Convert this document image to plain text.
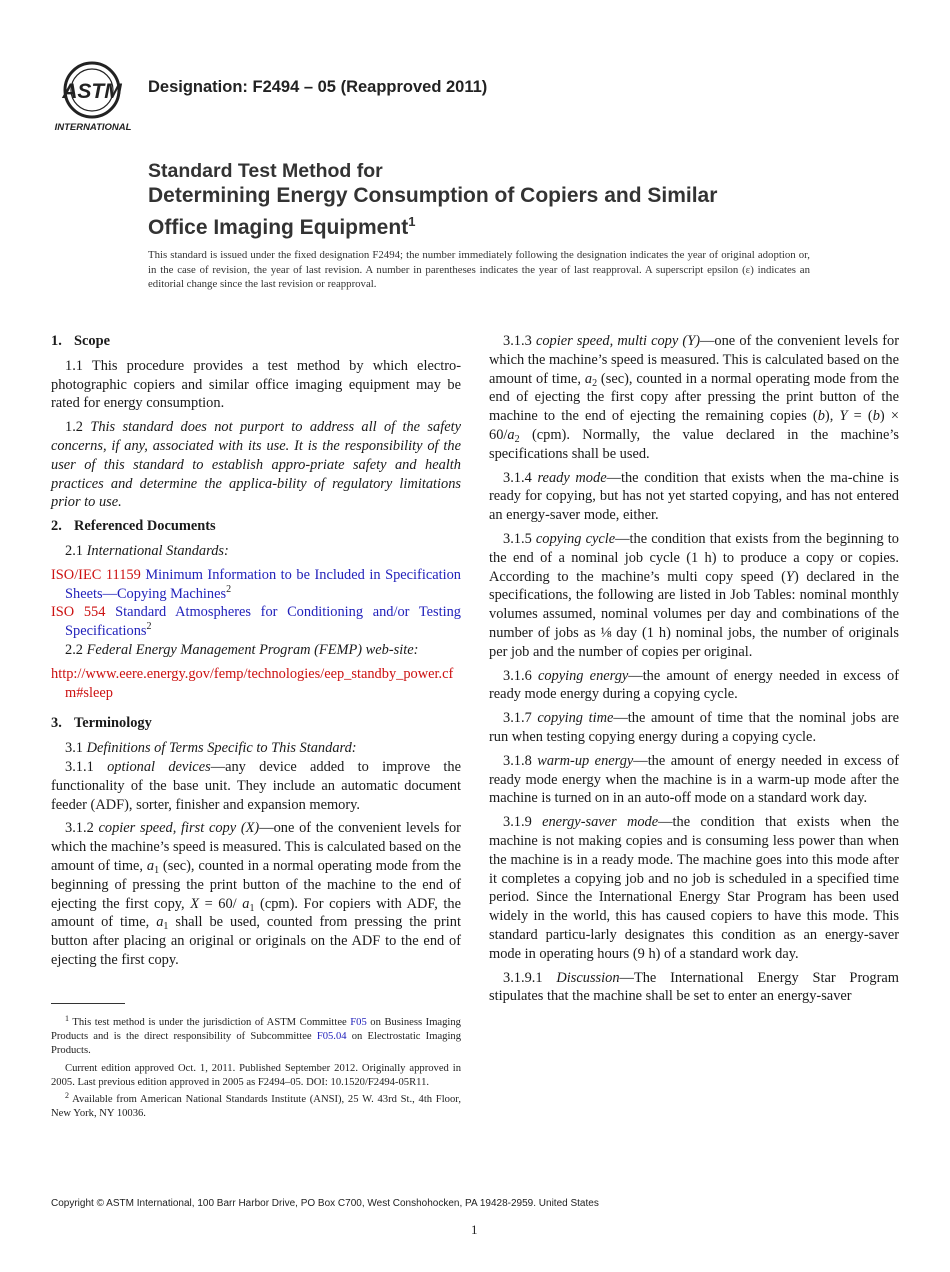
ASTM
INTERNATIONAL
Designation: F2494 – 05 (Reapproved 2011)
Standard Test Method for
Determining Energy Consumption of Copiers and Similar
Office Imaging Equipment$^1$
This standard is issued under the fixed designation F2494; the number immediately following the designation indicates the year of original adoption or, in the case of revision, the year of last revision. A number in parentheses indicates the year of last reapproval. A superscript epsilon (ε) indicates an editorial change since the last revision or reapproval.
1. Scope

1.1 This procedure provides a test method by which electro-photographic copiers and similar office imaging equipment may be rated for energy consumption.

1.2 This standard does not purport to address all of the safety concerns, if any, associated with its use. It is the responsibility of the user of this standard to establish appro-priate safety and health practices and determine the applica-bility of regulatory limitations prior to use.

2. Referenced Documents

2.1 International Standards:

ISO/IEC 11159 Minimum Information to be Included in Specification Sheets—Copying Machines$^2$
ISO 554 Standard Atmospheres for Conditioning and/or Testing Specifications$^2$

2.2 Federal Energy Management Program (FEMP) web-site:

http://www.eere.energy.gov/femp/technologies/eep_standby_power.cfm#sleep
3. Terminology

3.1 Definitions of Terms Specific to This Standard:

3.1.1 optional devices—any device added to improve the functionality of the base unit. They include an automatic document feeder (ADF), sorter, finisher and expansion memory.

3.1.2 copier speed, first copy (X)—one of the convenient levels for which the machine’s speed is measured. This is calculated based on the amount of time, $a_1$ (sec), counted in a normal operating mode from the beginning of pressing the print button of the machine to the end of ejecting the first copy, X = 60/ $a_1$ (cpm). For copiers with ADF, the amount of time, $a_1$ shall be used, counted from pressing the print button after placing an original or originals on the ADF to the end of ejecting the first copy.

3.1.3 copier speed, multi copy (Y)—one of the convenient levels for which the machine’s speed is measured. This is calculated based on the amount of time, $a_2$ (sec), counted in a normal operating mode from the end of ejecting the first copy after pressing the print button of the machine to the end of ejecting the remaining copies (b), $Y = (b) \times 60/a_2$ (cpm). Normally, the value declared in the machine’s specifications shall be used.

3.1.4 ready mode—the condition that exists when the ma-chine is ready for copying, but has not yet started copying, and has not entered an energy-saver mode, either.

3.1.5 copying cycle—the condition that exists from the beginning to the end of a nominal job cycle (1 h) to produce a copy or copies. According to the machine’s multi copy speed (Y) declared in the specifications, the following are listed in Job Tables: nominal monthly volumes assumed, nominal volumes per day and combinations of the number of jobs as ⅛ day (1 h) nominal jobs, the number of originals per job and the number of copies per original.

3.1.6 copying energy—the amount of energy needed in excess of ready mode energy during a copying cycle.

3.1.7 copying time—the amount of time that the nominal jobs are run when testing copying energy during a copying cycle.

3.1.8 warm-up energy—the amount of energy needed in excess of ready mode energy when the machine is in a warm-up mode after the machine is turned on in an auto-off mode on a standard work day.

3.1.9 energy-saver mode—the condition that exists when the machine is not making copies and is consuming less power than when the machine is in a ready mode. The machine goes into this mode after it completes a copying job and no job is scheduled in a specified time period. Since the International Energy Star Program has been used widely in the world, this has caused copiers to have this mode. This standard particu-larly designates this condition as an energy-saver mode in operating hours (9 h) of a standard work day.

3.1.9.1 Discussion—The International Energy Star Program stipulates that the machine shall be set to enter an energy-saver

$^1$ This test method is under the jurisdiction of ASTM Committee F05 on Business Imaging Products and is the direct responsibility of Subcommittee F05.04 on Electrostatic Imaging Products.

Current edition approved Oct. 1, 2011. Published September 2012. Originally approved in 2005. Last previous edition approved in 2005 as F2494–05. DOI: 10.1520/F2494-05R11.

$^2$ Available from American National Standards Institute (ANSI), 25 W. 43rd St., 4th Floor, New York, NY 10036.

Copyright © ASTM International, 100 Barr Harbor Drive, PO Box C700, West Conshohocken, PA 19428-2959. United States
1
